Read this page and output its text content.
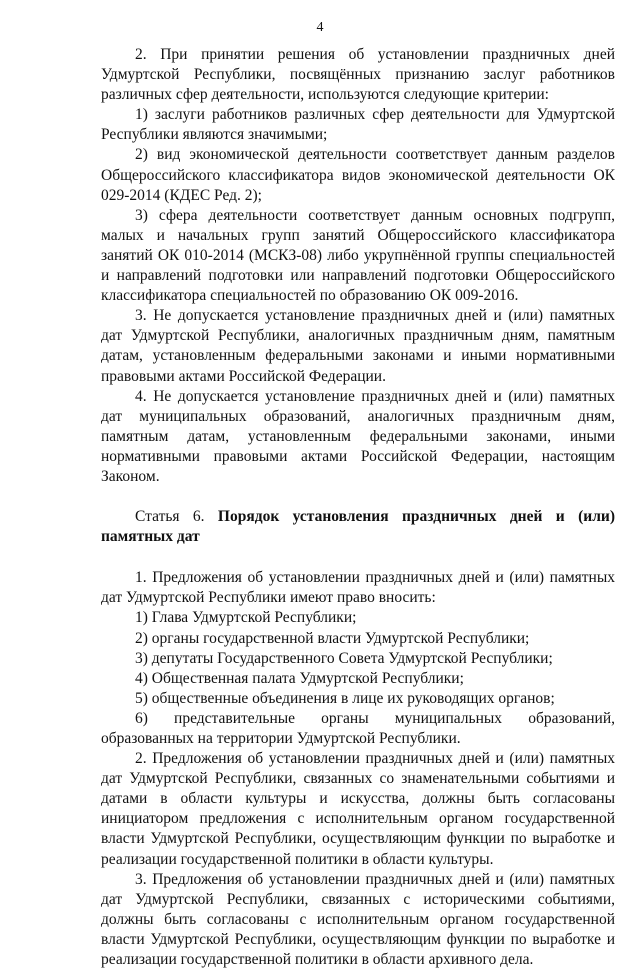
4

2. При принятии решения об установлении праздничных дней Удмуртской Республики, посвящённых признанию заслуг работников различных сфер деятельности, используются следующие критерии:

1) заслуги работников различных сфер деятельности для Удмуртской Республики являются значимыми;

2) вид экономической деятельности соответствует данным разделов Общероссийского классификатора видов экономической деятельности ОК 029-2014 (КДЕС Ред. 2);

3) сфера деятельности соответствует данным основных подгрупп, малых и начальных групп занятий Общероссийского классификатора занятий ОК 010-2014 (МСКЗ-08) либо укрупнённой группы специальностей и направлений подготовки или направлений подготовки Общероссийского классификатора специальностей по образованию ОК 009-2016.

3. Не допускается установление праздничных дней и (или) памятных дат Удмуртской Республики, аналогичных праздничным дням, памятным датам, установленным федеральными законами и иными нормативными правовыми актами Российской Федерации.

4. Не допускается установление праздничных дней и (или) памятных дат муниципальных образований, аналогичных праздничным дням, памятным датам, установленным федеральными законами, иными нормативными правовыми актами Российской Федерации, настоящим Законом.

Статья 6. Порядок установления праздничных дней и (или) памятных дат

1. Предложения об установлении праздничных дней и (или) памятных дат Удмуртской Республики имеют право вносить:

1) Глава Удмуртской Республики;

2) органы государственной власти Удмуртской Республики;

3) депутаты Государственного Совета Удмуртской Республики;

4) Общественная палата Удмуртской Республики;

5) общественные объединения в лице их руководящих органов;

6) представительные органы муниципальных образований, образованных на территории Удмуртской Республики.

2. Предложения об установлении праздничных дней и (или) памятных дат Удмуртской Республики, связанных со знаменательными событиями и датами в области культуры и искусства, должны быть согласованы инициатором предложения с исполнительным органом государственной власти Удмуртской Республики, осуществляющим функции по выработке и реализации государственной политики в области культуры.

3. Предложения об установлении праздничных дней и (или) памятных дат Удмуртской Республики, связанных с историческими событиями, должны быть согласованы с исполнительным органом государственной власти Удмуртской Республики, осуществляющим функции по выработке и реализации государственной политики в области архивного дела.
